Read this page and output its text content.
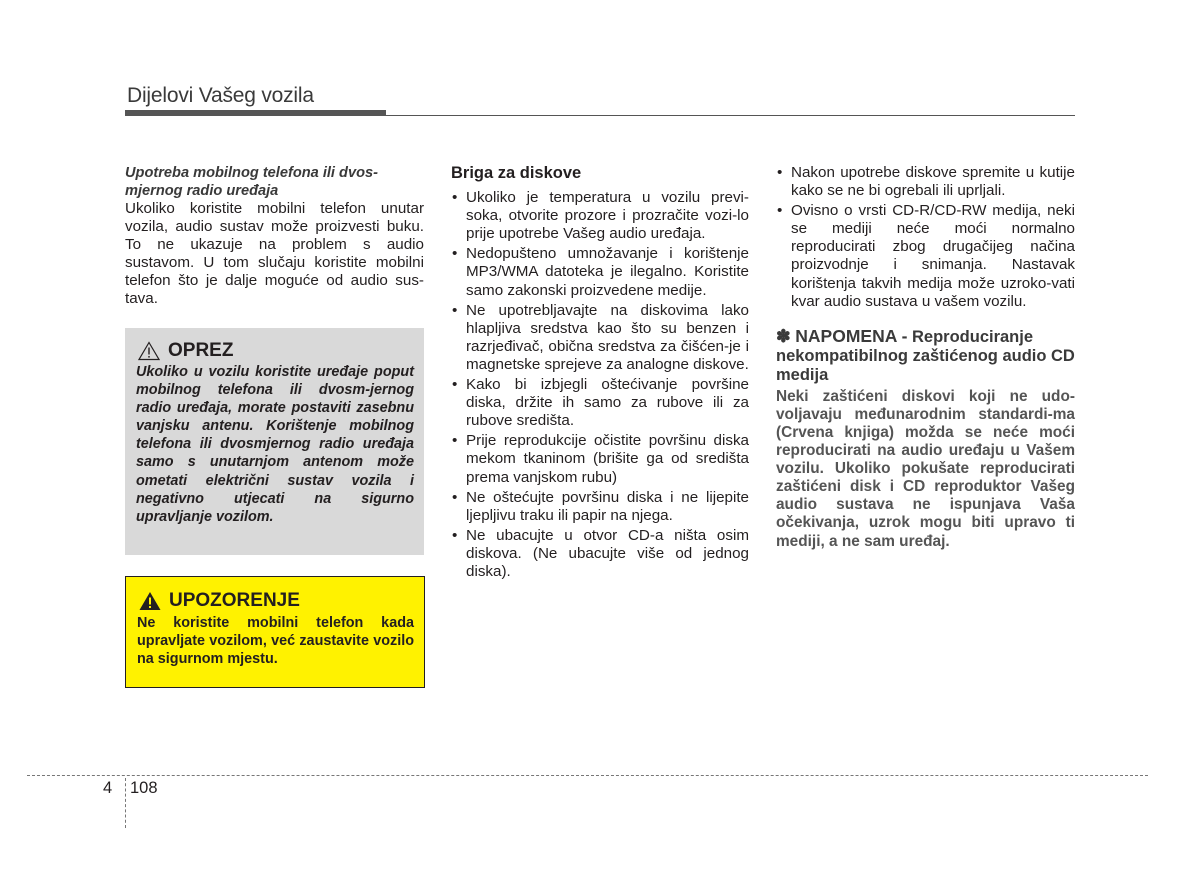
Dijelovi Vašeg vozila

Upotreba mobilnog telefona ili dvos-mjernog radio uređaja

Ukoliko koristite mobilni telefon unutar vozila, audio sustav može proizvesti buku. To ne ukazuje na problem s audio sustavom. U tom slučaju koristite mobilni telefon što je dalje moguće od audio sus-tava.

OPREZ

Ukoliko u vozilu koristite uređaje poput mobilnog telefona ili dvosm-jernog radio uređaja, morate postaviti zasebnu vanjsku antenu. Korištenje mobilnog telefona ili dvosmjernog radio uređaja samo s unutarnjom antenom može ometati električni sustav vozila i negativno utjecati na sigurno upravljanje vozilom.

UPOZORENJE

Ne koristite mobilni telefon kada upravljate vozilom, već zaustavite vozilo na sigurnom mjestu.

Briga za diskove

• Ukoliko je temperatura u vozilu previ-soka, otvorite prozore i prozračite vozi-lo prije upotrebe Vašeg audio uređaja.
• Nedopušteno umnožavanje i korištenje MP3/WMA datoteka je ilegalno. Koristite samo zakonski proizvedene medije.
• Ne upotrebljavajte na diskovima lako hlapljiva sredstva kao što su benzen i razrjeđivač, obična sredstva za čišćen-je i magnetske sprejeve za analogne diskove.
• Kako bi izbjegli oštećivanje površine diska, držite ih samo za rubove ili za rubove središta.
• Prije reprodukcije očistite površinu diska mekom tkaninom (brišite ga od središta prema vanjskom rubu)
• Ne oštećujte površinu diska i ne lijepite ljepljivu traku ili papir na njega.
• Ne ubacujte u otvor CD-a ništa osim diskova. (Ne ubacujte više od jednog diska).
• Nakon upotrebe diskove spremite u kutije kako se ne bi ogrebali ili uprljali.
• Ovisno o vrsti CD-R/CD-RW medija, neki se mediji neće moći normalno reproducirati zbog drugačijeg načina proizvodnje i snimanja. Nastavak korištenja takvih medija može uzroko-vati kvar audio sustava u vašem vozilu.

✽ NAPOMENA - Reproduciranje nekompatibilnog zaštićenog audio CD medija

Neki zaštićeni diskovi koji ne udo-voljavaju međunarodnim standardi-ma (Crvena knjiga) možda se neće moći reproducirati na audio uređaju u Vašem vozilu. Ukoliko pokušate reproducirati zaštićeni disk i CD reproduktor Vašeg audio sustava ne ispunjava Vaša očekivanja, uzrok mogu biti upravo ti mediji, a ne sam uređaj.

4 108
